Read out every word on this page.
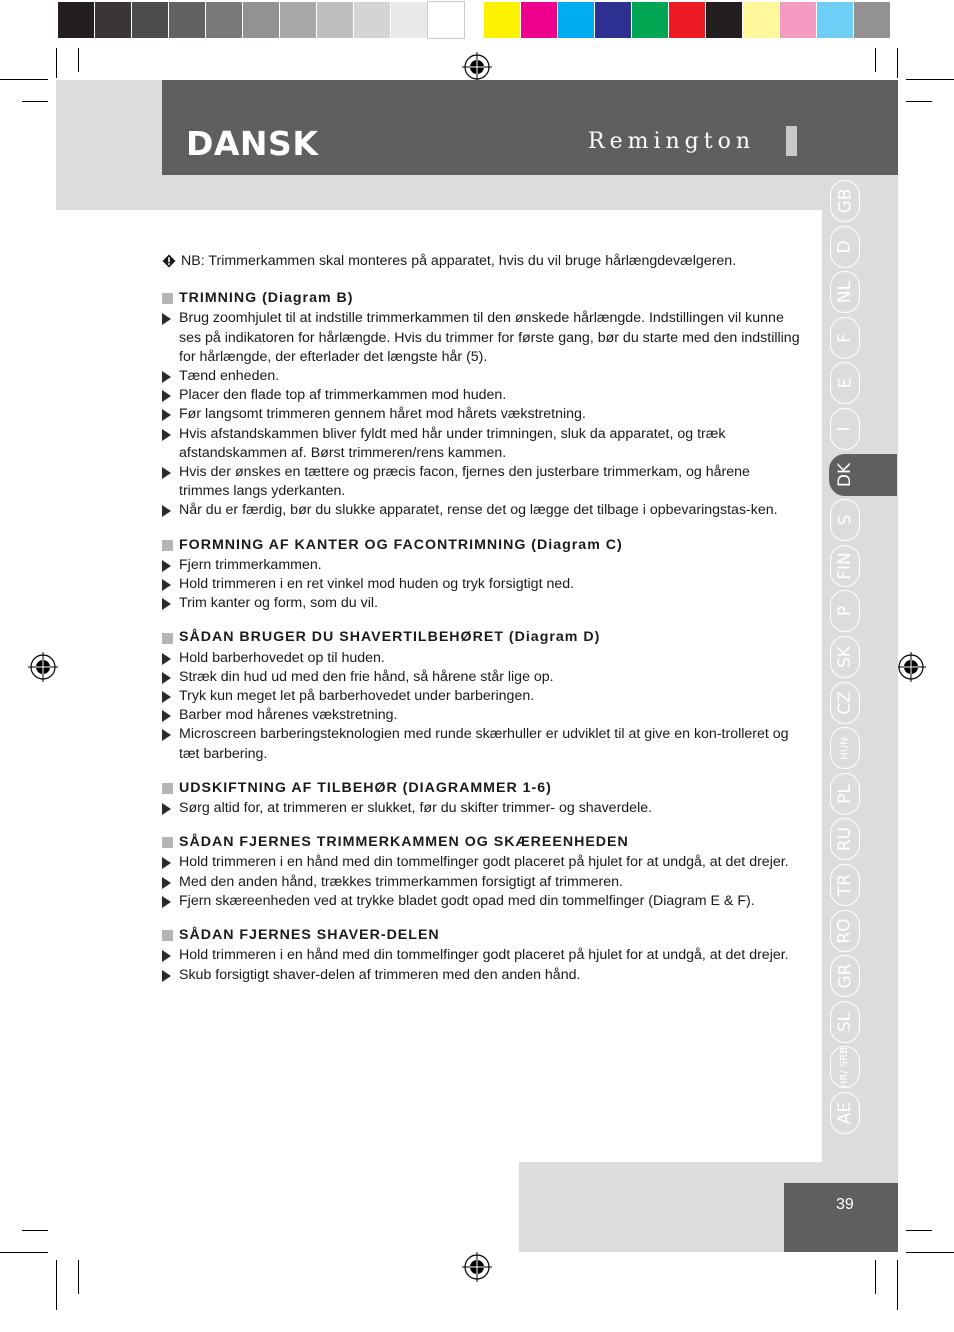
DANSK	Remington
GB
D
NL
F
E
I
DK
S
FIN
P
SK
CZ
HUN
PL
RU
TR
RO
GR
SL
HR/ SRB
AE
39
NB: Trimmerkammen skal monteres på apparatet, hvis du vil bruge hårlængdevælgeren.
TRIMNING (Diagram B)
Brug zoomhjulet til at indstille trimmerkammen til den ønskede hårlængde. Indstillingen vil kunne ses på indikatoren for hårlængde. Hvis du trimmer for første gang, bør du starte med den indstilling for hårlængde, der efterlader det længste hår (5).
Tænd enheden.
Placer den flade top af trimmerkammen mod huden.
Før langsomt trimmeren gennem håret mod hårets vækstretning.
Hvis afstandskammen bliver fyldt med hår under trimningen, sluk da apparatet, og træk afstandskammen af. Børst trimmeren/rens kammen.
Hvis der ønskes en tættere og præcis facon, fjernes den justerbare trimmerkam, og hårene trimmes langs yderkanten.
Når du er færdig, bør du slukke apparatet, rense det og lægge det tilbage i opbevaringstas-ken.
FORMNING AF KANTER OG FACONTRIMNING (Diagram C)
Fjern trimmerkammen.
Hold trimmeren i en ret vinkel mod huden og tryk forsigtigt ned.
Trim kanter og form, som du vil.
SÅDAN BRUGER DU SHAVERTILBEHØRET (Diagram D)
Hold barberhovedet op til huden.
Stræk din hud ud med den frie hånd, så hårene står lige op.
Tryk kun meget let på barberhovedet under barberingen.
Barber mod hårenes vækstretning.
Microscreen barberingsteknologien med runde skærhuller er udviklet til at give en kon-trolleret og tæt barbering.
UDSKIFTNING AF TILBEHØR (DIAGRAMMER 1-6)
Sørg altid for, at trimmeren er slukket, før du skifter trimmer- og shaverdele.
SÅDAN FJERNES TRIMMERKAMMEN OG SKÆREENHEDEN
Hold trimmeren i en hånd med din tommelfinger godt placeret på hjulet for at undgå, at det drejer.
Med den anden hånd, trækkes trimmerkammen forsigtigt af trimmeren.
Fjern skæreenheden ved at trykke bladet godt opad med din tommelfinger (Diagram E & F).
SÅDAN FJERNES SHAVER-DELEN
Hold trimmeren i en hånd med din tommelfinger godt placeret på hjulet for at undgå, at det drejer.
Skub forsigtigt shaver-delen af trimmeren med den anden hånd.
